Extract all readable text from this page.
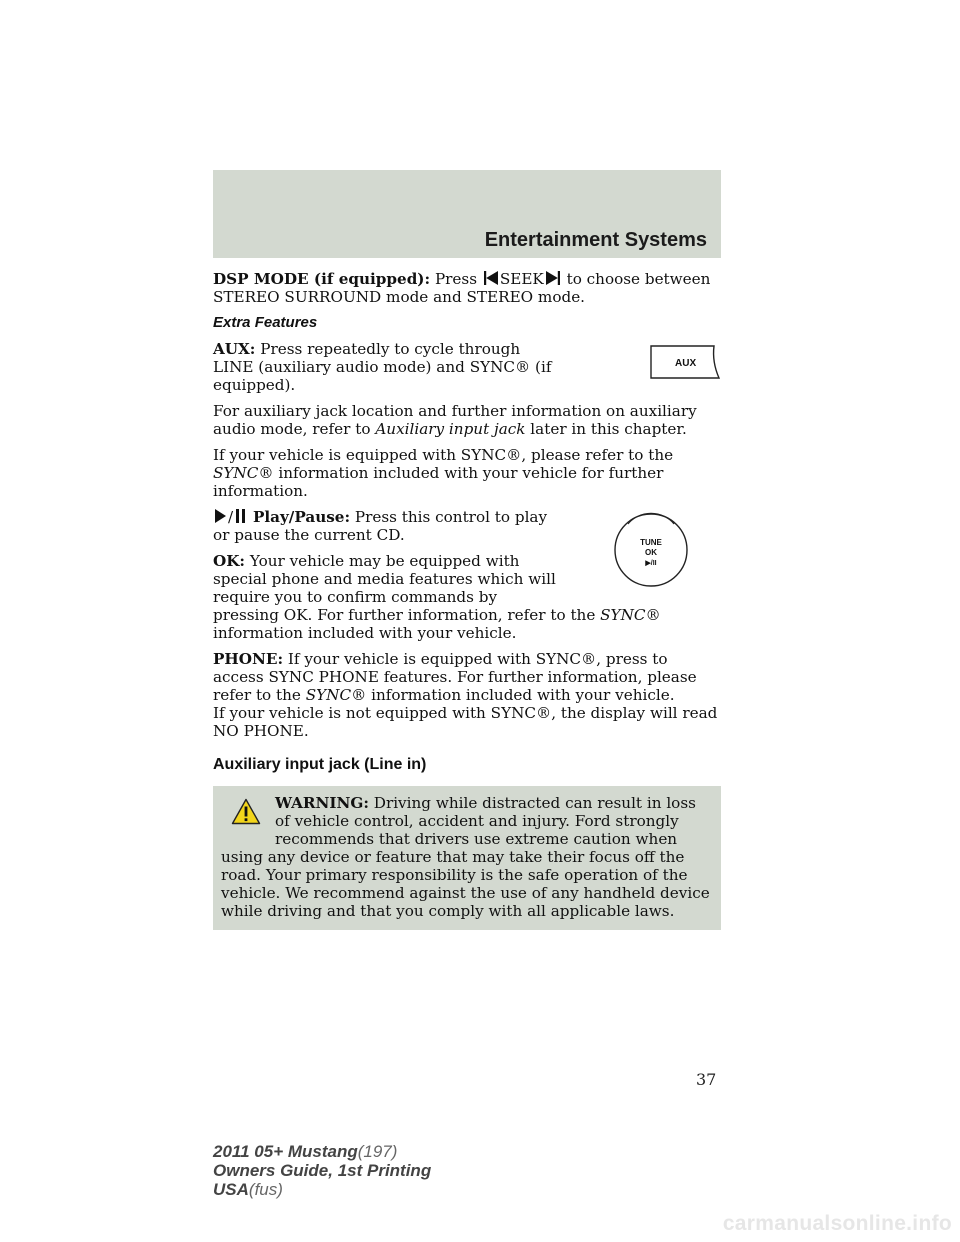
Entertainment Systems

DSP MODE (if equipped): Press SEEK to choose between
STEREO SURROUND mode and STEREO mode.

Extra Features

AUX
AUX: Press repeatedly to cycle through LINE (auxiliary audio mode) and SYNC® (if equipped).

For auxiliary jack location and further information on auxiliary audio mode, refer to Auxiliary input jack later in this chapter.

If your vehicle is equipped with SYNC®, please refer to the SYNC® information included with your vehicle for further information.

TUNE
OK
▶/II

/ Play/Pause: Press this control to play or pause the current CD.

OK: Your vehicle may be equipped with special phone and media features which will require you to confirm commands by pressing OK. For further information, refer to the SYNC® information included with your vehicle.

PHONE: If your vehicle is equipped with SYNC®, press to access SYNC PHONE features. For further information, please refer to the SYNC® information included with your vehicle.
If your vehicle is not equipped with SYNC®, the display will read NO PHONE.

Auxiliary input jack (Line in)
WARNING: Driving while distracted can result in loss of vehicle control, accident and injury. Ford strongly recommends that drivers use extreme caution when using any device or feature that may take their focus off the road. Your primary responsibility is the safe operation of the vehicle. We recommend against the use of any handheld device while driving and that you comply with all applicable laws.
37
2011 05+ Mustang(197)
Owners Guide, 1st Printing
USA(fus)
carmanualsonline.info
